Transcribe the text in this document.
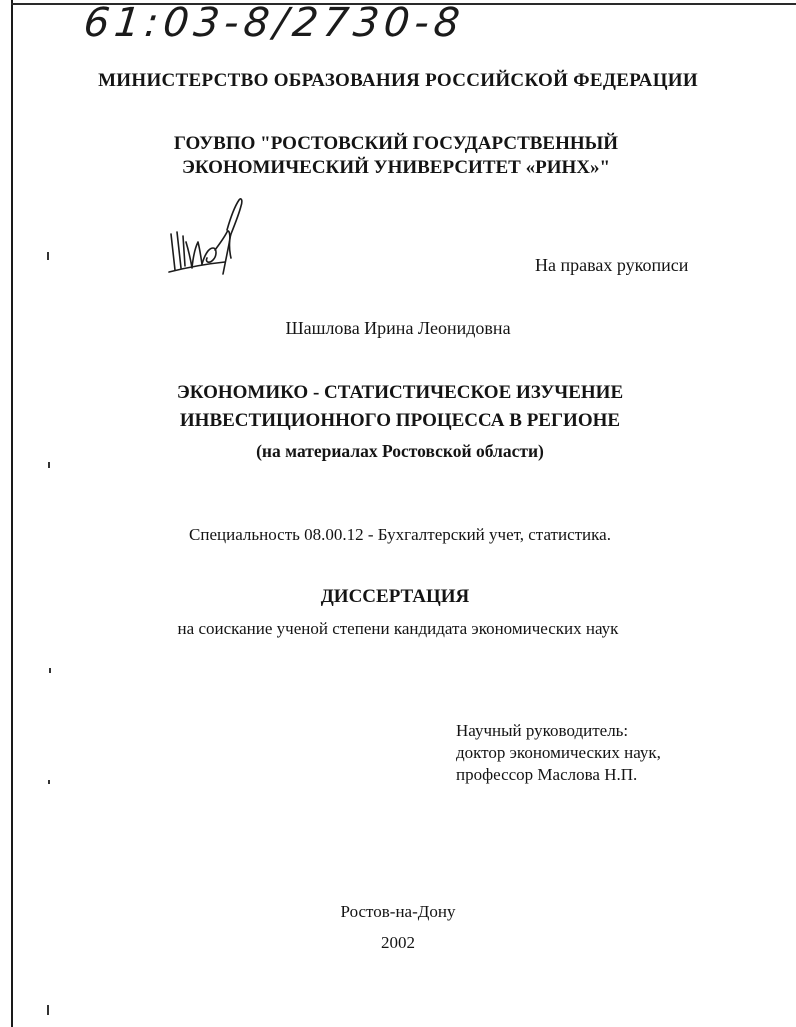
61:03-8/2730-8
МИНИСТЕРСТВО ОБРАЗОВАНИЯ РОССИЙСКОЙ ФЕДЕРАЦИИ
ГОУВПО "РОСТОВСКИЙ ГОСУДАРСТВЕННЫЙ
ЭКОНОМИЧЕСКИЙ УНИВЕРСИТЕТ «РИНХ»"
На правах рукописи
Шашлова Ирина Леонидовна
ЭКОНОМИКО - СТАТИСТИЧЕСКОЕ ИЗУЧЕНИЕ
ИНВЕСТИЦИОННОГО ПРОЦЕССА В РЕГИОНЕ
(на материалах Ростовской области)
Специальность 08.00.12 - Бухгалтерский учет, статистика.
ДИССЕРТАЦИЯ
на соискание ученой степени кандидата экономических наук
Научный руководитель:
доктор экономических наук,
профессор Маслова Н.П.
Ростов-на-Дону
2002
